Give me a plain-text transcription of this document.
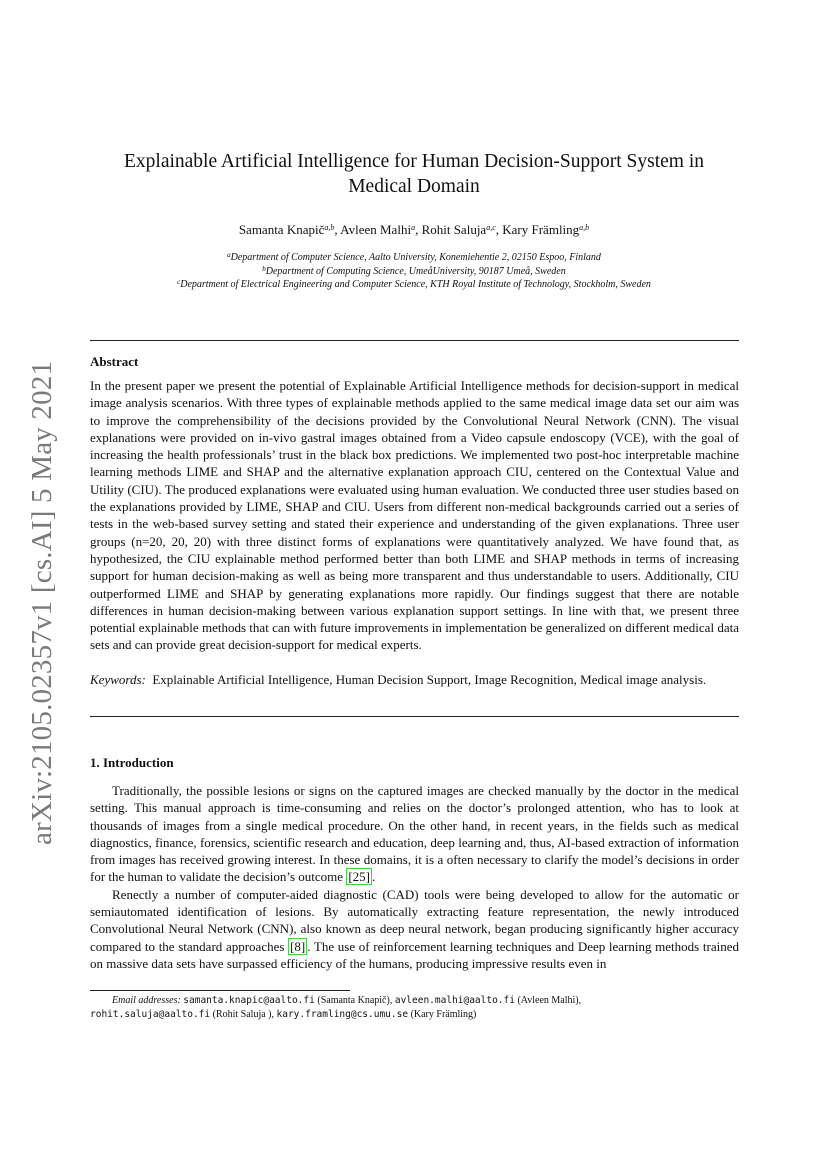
arXiv:2105.02357v1 [cs.AI] 5 May 2021
Explainable Artificial Intelligence for Human Decision-Support System in
Medical Domain
Samanta Knapič$^{a,b}$, Avleen Malhi$^a$, Rohit Saluja$^{a,c}$, Kary Främling$^{a,b}$
$^a$Department of Computer Science, Aalto University, Konemiehentie 2, 02150 Espoo, Finland
$^b$Department of Computing Science, UmeåUniversity, 90187 Umeå, Sweden
$^c$Department of Electrical Engineering and Computer Science, KTH Royal Institute of Technology, Stockholm, Sweden
Abstract

In the present paper we present the potential of Explainable Artificial Intelligence methods for decision-support in medical image analysis scenarios. With three types of explainable methods applied to the same medical image data set our aim was to improve the comprehensibility of the decisions provided by the Convolutional Neural Network (CNN). The visual explanations were provided on in-vivo gastral images obtained from a Video capsule endoscopy (VCE), with the goal of increasing the health professionals’ trust in the black box predictions. We implemented two post-hoc interpretable machine learning methods LIME and SHAP and the alternative explanation approach CIU, centered on the Contextual Value and Utility (CIU). The produced explanations were evaluated using human evaluation. We conducted three user studies based on the explanations provided by LIME, SHAP and CIU. Users from different non-medical backgrounds carried out a series of tests in the web-based survey setting and stated their experience and understanding of the given explanations. Three user groups (n=20, 20, 20) with three distinct forms of explanations were quantitatively analyzed. We have found that, as hypothesized, the CIU explainable method performed better than both LIME and SHAP methods in terms of increasing support for human decision-making as well as being more transparent and thus understandable to users. Additionally, CIU outperformed LIME and SHAP by generating explanations more rapidly. Our findings suggest that there are notable differences in human decision-making between various explanation support settings. In line with that, we present three potential explainable methods that can with future improvements in implementation be generalized on different medical data sets and can provide great decision-support for medical experts.

Keywords: Explainable Artificial Intelligence, Human Decision Support, Image Recognition, Medical image analysis.

1. Introduction

Traditionally, the possible lesions or signs on the captured images are checked manually by the doctor in the medical setting. This manual approach is time-consuming and relies on the doctor’s prolonged attention, who has to look at thousands of images from a single medical procedure. On the other hand, in recent years, in the fields such as medical diagnostics, finance, forensics, scientific research and education, deep learning and, thus, AI-based extraction of information from images has received growing interest. In these domains, it is a often necessary to clarify the model’s decisions in order for the human to validate the decision’s outcome [25] .

Renectly a number of computer-aided diagnostic (CAD) tools were being developed to allow for the automatic or semiautomated identification of lesions. By automatically extracting feature representation, the newly introduced Convolutional Neural Network (CNN), also known as deep neural network, began producing significantly higher accuracy compared to the standard approaches [8] . The use of reinforcement learning techniques and Deep learning methods trained on massive data sets have surpassed efficiency of the humans, producing impressive results even in

Email addresses: samanta.knapic@aalto.fi (Samanta Knapič), avleen.malhi@aalto.fi (Avleen Malhi),
rohit.saluja@aalto.fi (Rohit Saluja ), kary.framling@cs.umu.se (Kary Främling)
